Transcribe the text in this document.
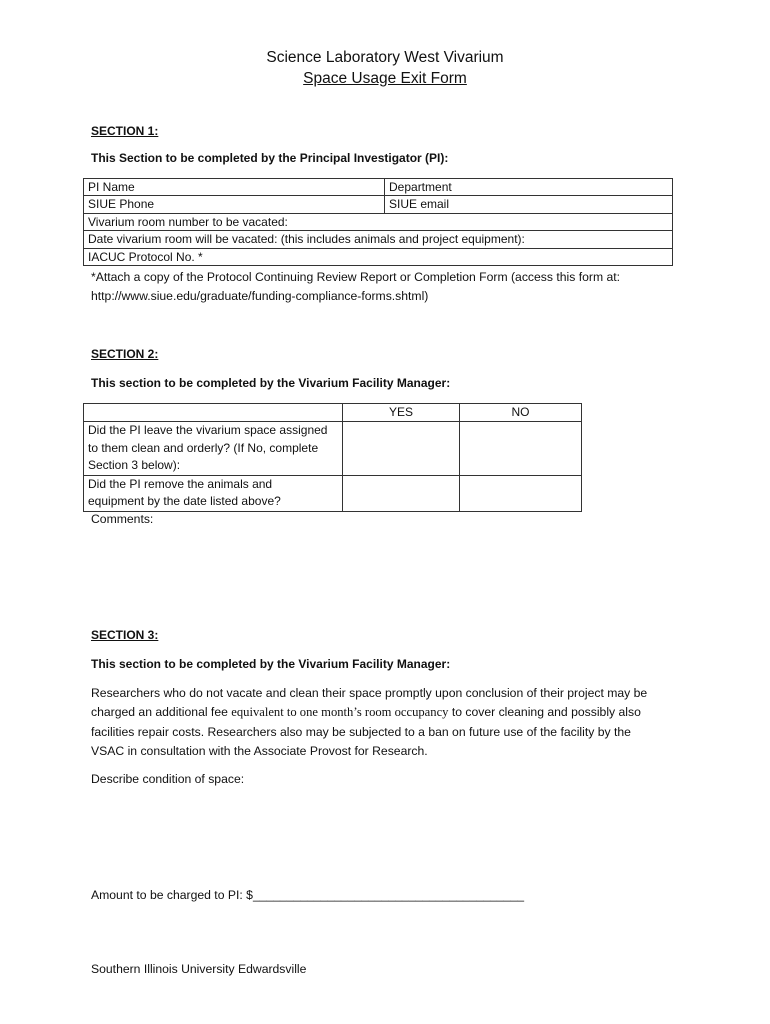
Science Laboratory West Vivarium
Space Usage Exit Form
SECTION 1:
This Section to be completed by the Principal Investigator (PI):
PI Name	Department
SIUE Phone	SIUE email
Vivarium room number to be vacated:	
Date vivarium room will be vacated: (this includes animals and project equipment):	
IACUC Protocol No. *	
*Attach a copy of the Protocol Continuing Review Report or Completion Form (access this form at:
http://www.siue.edu/graduate/funding-compliance-forms.shtml)
SECTION 2:
This section to be completed by the Vivarium Facility Manager:
	YES	NO

Did the PI leave the vivarium space assigned
to them clean and orderly? (If No, complete
Section 3 below):		

Did the PI remove the animals and
equipment by the date listed above?		

Comments:
SECTION 3:
This section to be completed by the Vivarium Facility Manager:
Researchers who do not vacate and clean their space promptly upon conclusion of their project may be
charged an additional fee equivalent to one month’s room occupancy to cover cleaning and possibly also
facilities repair costs. Researchers also may be subjected to a ban on future use of the facility by the
VSAC in consultation with the Associate Provost for Research.
Describe condition of space:
Amount to be charged to PI: $________________________________________
Southern Illinois University Edwardsville
